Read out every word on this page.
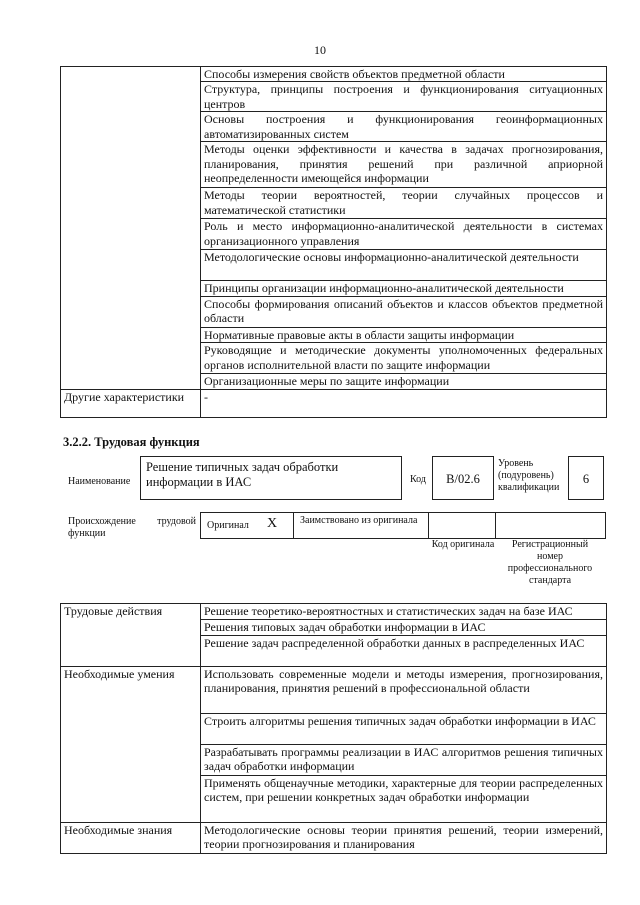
10
	Способы измерения свойств объектов предметной области
	Структура, принципы построения и функционирования ситуационных центров
	Основы построения и функционирования геоинформационных автоматизированных систем
	Методы оценки эффективности и качества в задачах прогнозирования, планирования, принятия решений при различной априорной неопределенности имеющейся информации
	Методы теории вероятностей, теории случайных процессов и математической статистики
	Роль и место информационно-аналитической деятельности в системах организационного управления
	Методологические основы информационно-аналитической деятельности
	Принципы организации информационно-аналитической деятельности
	Способы формирования описаний объектов и классов объектов предметной области
	Нормативные правовые акты в области защиты информации
	Руководящие и методические документы уполномоченных федеральных органов исполнительной власти по защите информации
	Организационные меры по защите информации
Другие характеристики	-
3.2.2. Трудовая функция
Наименование
Решение типичных задач обработки информации в ИАС	Код	B/02.6
Уровень (подуровень) квалификации
6
Происхождение трудовой функции
Оригинал X Заимствовано из оригинала
Код оригинала	Регистрационный номер профессионального стандарта
Трудовые действия	Решение теоретико-вероятностных и статистических задач на базе ИАС
	Решения типовых задач обработки информации в ИАС
	Решение задач распределенной обработки данных в распределенных ИАС
Необходимые умения	Использовать современные модели и методы измерения, прогнозирования, планирования, принятия решений в профессиональной области
	Строить алгоритмы решения типичных задач обработки информации в ИАС
	Разрабатывать программы реализации в ИАС алгоритмов решения типичных задач обработки информации
	Применять общенаучные методики, характерные для теории распределенных систем, при решении конкретных задач обработки информации
Необходимые знания	Методологические основы теории принятия решений, теории измерений, теории прогнозирования и планирования
